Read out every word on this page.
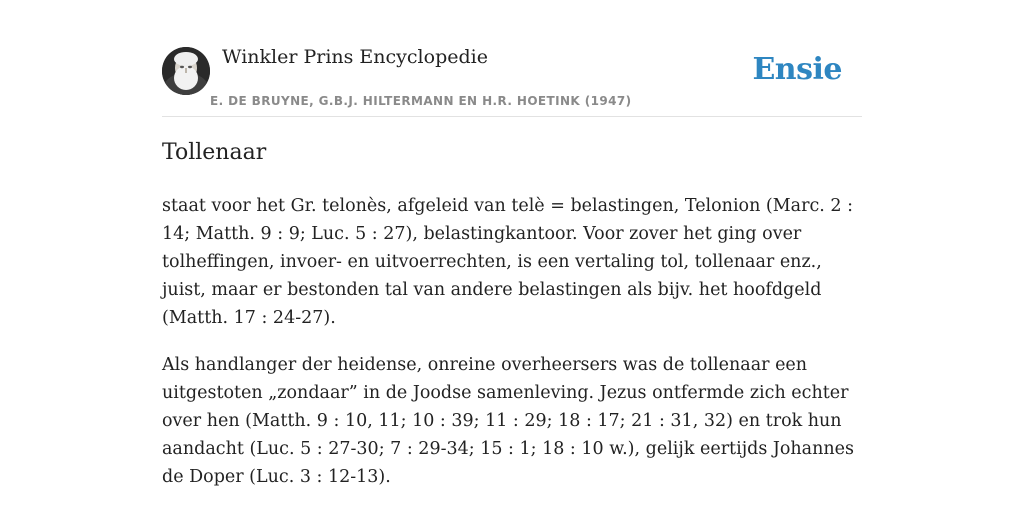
Winkler Prins Encyclopedie
E. DE BRUYNE, G.B.J. HILTERMANN EN H.R. HOETINK (1947)
Ensie
Tollenaar

staat voor het Gr. telonès, afgeleid van telè = belastingen, Telonion (Marc. 2 : 14; Matth. 9 : 9; Luc. 5 : 27), belastingkantoor. Voor zover het ging over tolheffingen, invoer- en uitvoerrechten, is een vertaling tol, tollenaar enz., juist, maar er bestonden tal van andere belastingen als bijv. het hoofdgeld (Matth. 17 : 24-27).

Als handlanger der heidense, onreine overheersers was de tollenaar een uitgestoten „zondaar” in de Joodse samenleving. Jezus ontfermde zich echter over hen (Matth. 9 : 10, 11; 10 : 39; 11 : 29; 18 : 17; 21 : 31, 32) en trok hun aandacht (Luc. 5 : 27-30; 7 : 29-34; 15 : 1; 18 : 10 w.), gelijk eertijds Johannes de Doper (Luc. 3 : 12-13).
